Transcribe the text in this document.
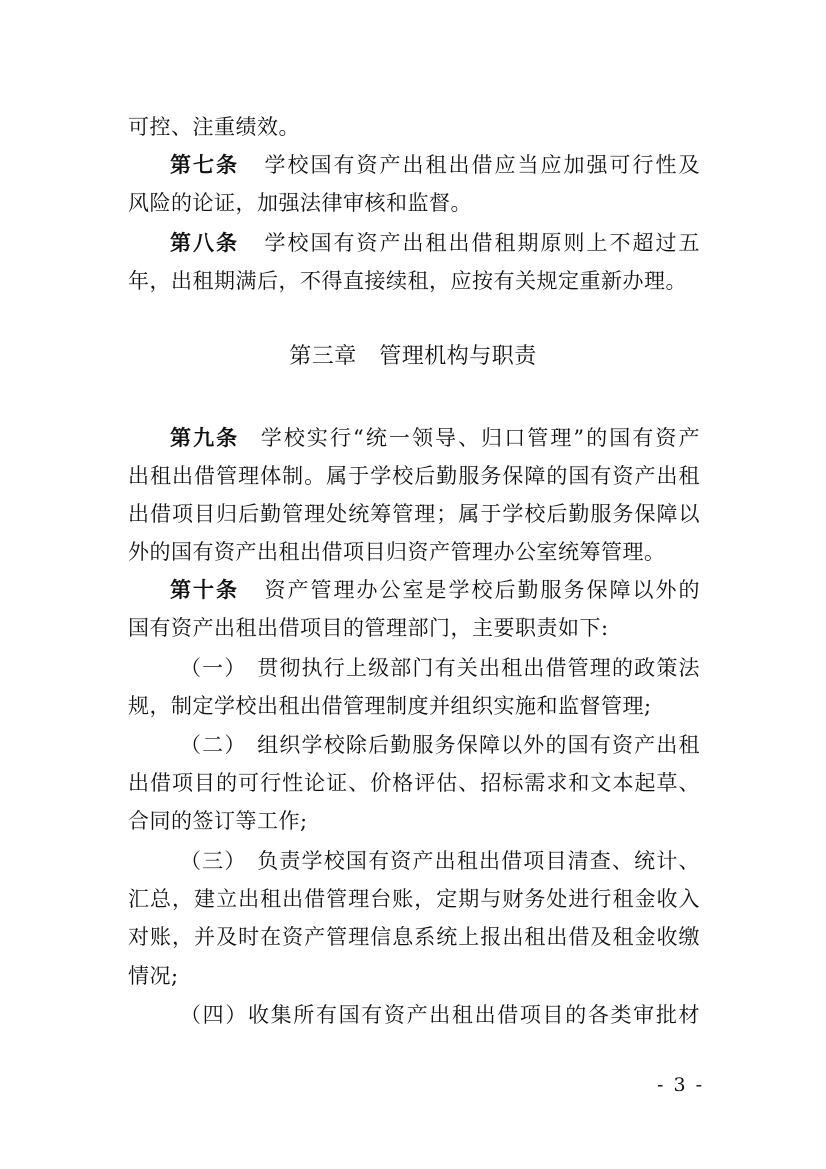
可控、注重绩效。
第七条 学校国有资产出租出借应当应加强可行性及
风险的论证，加强法律审核和监督。
第八条 学校国有资产出租出借租期原则上不超过五
年，出租期满后，不得直接续租，应按有关规定重新办理。
第三章　管理机构与职责
第九条 学校实行“统一领导、归口管理”的国有资产
出租出借管理体制。属于学校后勤服务保障的国有资产出租
出借项目归后勤管理处统筹管理；属于学校后勤服务保障以
外的国有资产出租出借项目归资产管理办公室统筹管理。
第十条 资产管理办公室是学校后勤服务保障以外的
国有资产出租出借项目的管理部门，主要职责如下:
（一） 贯彻执行上级部门有关出租出借管理的政策法
规，制定学校出租出借管理制度并组织实施和监督管理;
（二） 组织学校除后勤服务保障以外的国有资产出租
出借项目的可行性论证、价格评估、招标需求和文本起草、
合同的签订等工作;
（三） 负责学校国有资产出租出借项目清查、统计、
汇总，建立出租出借管理台账，定期与财务处进行租金收入
对账，并及时在资产管理信息系统上报出租出借及租金收缴
情况;
（四）收集所有国有资产出租出借项目的各类审批材
- 3 -
